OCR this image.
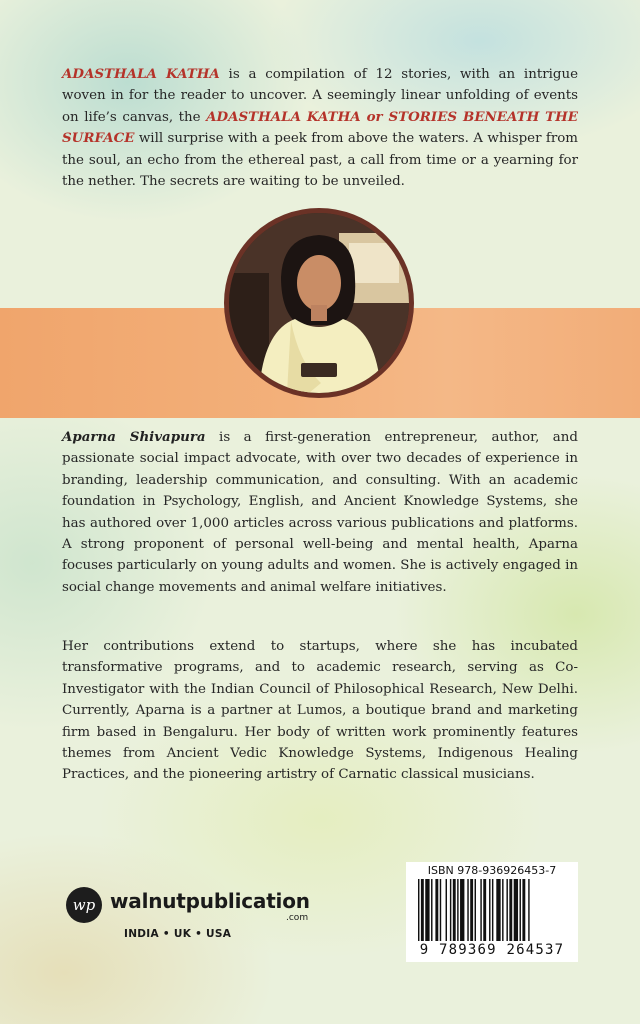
ADASTHALA KATHA is a compilation of 12 stories, with an intrigue woven in for the reader to uncover. A seemingly linear unfolding of events on life’s canvas, the ADASTHALA KATHA or STORIES BENEATH THE SURFACE will surprise with a peek from above the waters. A whisper from the soul, an echo from the ethereal past, a call from time or a yearning for the nether. The secrets are waiting to be unveiled.

Aparna Shivapura is a first-generation entrepreneur, author, and passionate social impact advocate, with over two decades of experience in branding, leadership communication, and consulting. With an academic foundation in Psychology, English, and Ancient Knowledge Systems, she has authored over 1,000 articles across various publications and platforms. A strong proponent of personal well-being and mental health, Aparna focuses particularly on young adults and women. She is actively engaged in social change movements and animal welfare initiatives.

Her contributions extend to startups, where she has incubated transformative programs, and to academic research, serving as Co-Investigator with the Indian Council of Philosophical Research, New Delhi. Currently, Aparna is a partner at Lumos, a boutique brand and marketing firm based in Bengaluru. Her body of written work prominently features themes from Ancient Vedic Knowledge Systems, Indigenous Healing Practices, and the pioneering artistry of Carnatic classical musicians.

wp walnutpublication
.com
INDIA • UK • USA
ISBN 978-936926453-7
9 789369 264537
